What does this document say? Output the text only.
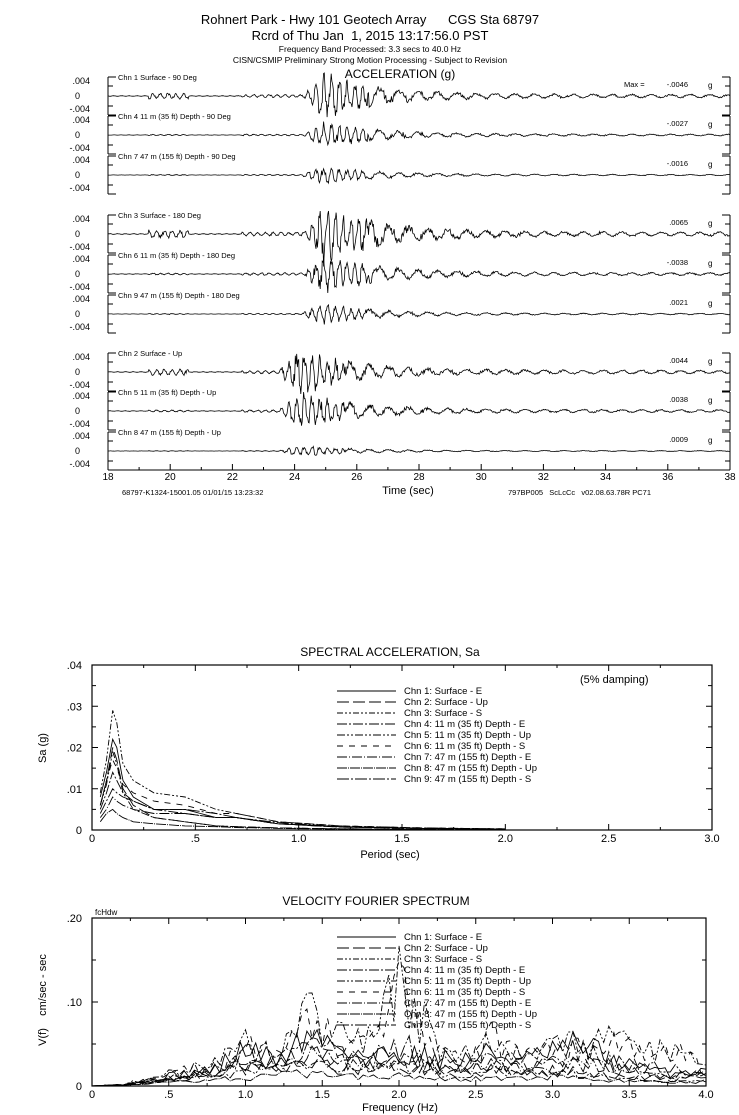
Rohnert Park - Hwy 101 Geotech Array      CGS Sta 68797
Rcrd of Thu Jan  1, 2015 13:17:56.0 PST
Frequency Band Processed: 3.3 secs to 40.0 Hz
CISN/CSMIP Preliminary Strong Motion Processing - Subject to Revision
ACCELERATION (g)
.004
0
-.004
Chn 1 Surface - 90 Deg
Max =	-.0046	g
.004
0
-.004
Chn 4 11 m (35 ft) Depth - 90 Deg
-.0027	g
.004
0
-.004
Chn 7 47 m (155 ft) Depth - 90 Deg
-.0016	g
.004
0
-.004
Chn 3 Surface - 180 Deg
.0065	g
.004
0
-.004
Chn 6 11 m (35 ft) Depth - 180 Deg
-.0038	g
.004
0
-.004
Chn 9 47 m (155 ft) Depth - 180 Deg
.0021	g
.004
0
-.004
Chn 2 Surface - Up
.0044	g
.004
0
-.004
Chn 5 11 m (35 ft) Depth - Up
.0038	g
.004
0
-.004
Chn 8 47 m (155 ft) Depth - Up
.0009	g
18	20	22	24	26	28	30	32	34	36	38
Time (sec)
68797-K1324-15001.05 01/01/15 13:23:32	797BP005   ScLcCc   v02.08.63.78R PC71
SPECTRAL ACCELERATION, Sa
0	.5	1.0	1.5	2.0	2.5	3.0
0
.01
.02
.03
.04
Chn 1: Surface - E
Chn 2: Surface - Up
Chn 3: Surface - S
Chn 4: 11 m (35 ft) Depth - E
Chn 5: 11 m (35 ft) Depth - Up
Chn 6: 11 m (35 ft) Depth - S
Chn 7: 47 m (155 ft) Depth - E
Chn 8: 47 m (155 ft) Depth - Up
Chn 9: 47 m (155 ft) Depth - S
Period (sec)
Sa (g)
(5% damping)
VELOCITY FOURIER SPECTRUM
0	.5	1.0	1.5	2.0	2.5	3.0	3.5	4.0
0
.10
.20
Chn 1: Surface - E
Chn 2: Surface - Up
Chn 3: Surface - S
Chn 4: 11 m (35 ft) Depth - E
Chn 5: 11 m (35 ft) Depth - Up
Chn 6: 11 m (35 ft) Depth - S
Chn 7: 47 m (155 ft) Depth - E
Chn 8: 47 m (155 ft) Depth - Up
Chn 9: 47 m (155 ft) Depth - S
Frequency (Hz)
V(f)    cm/sec - sec
fcHdw
